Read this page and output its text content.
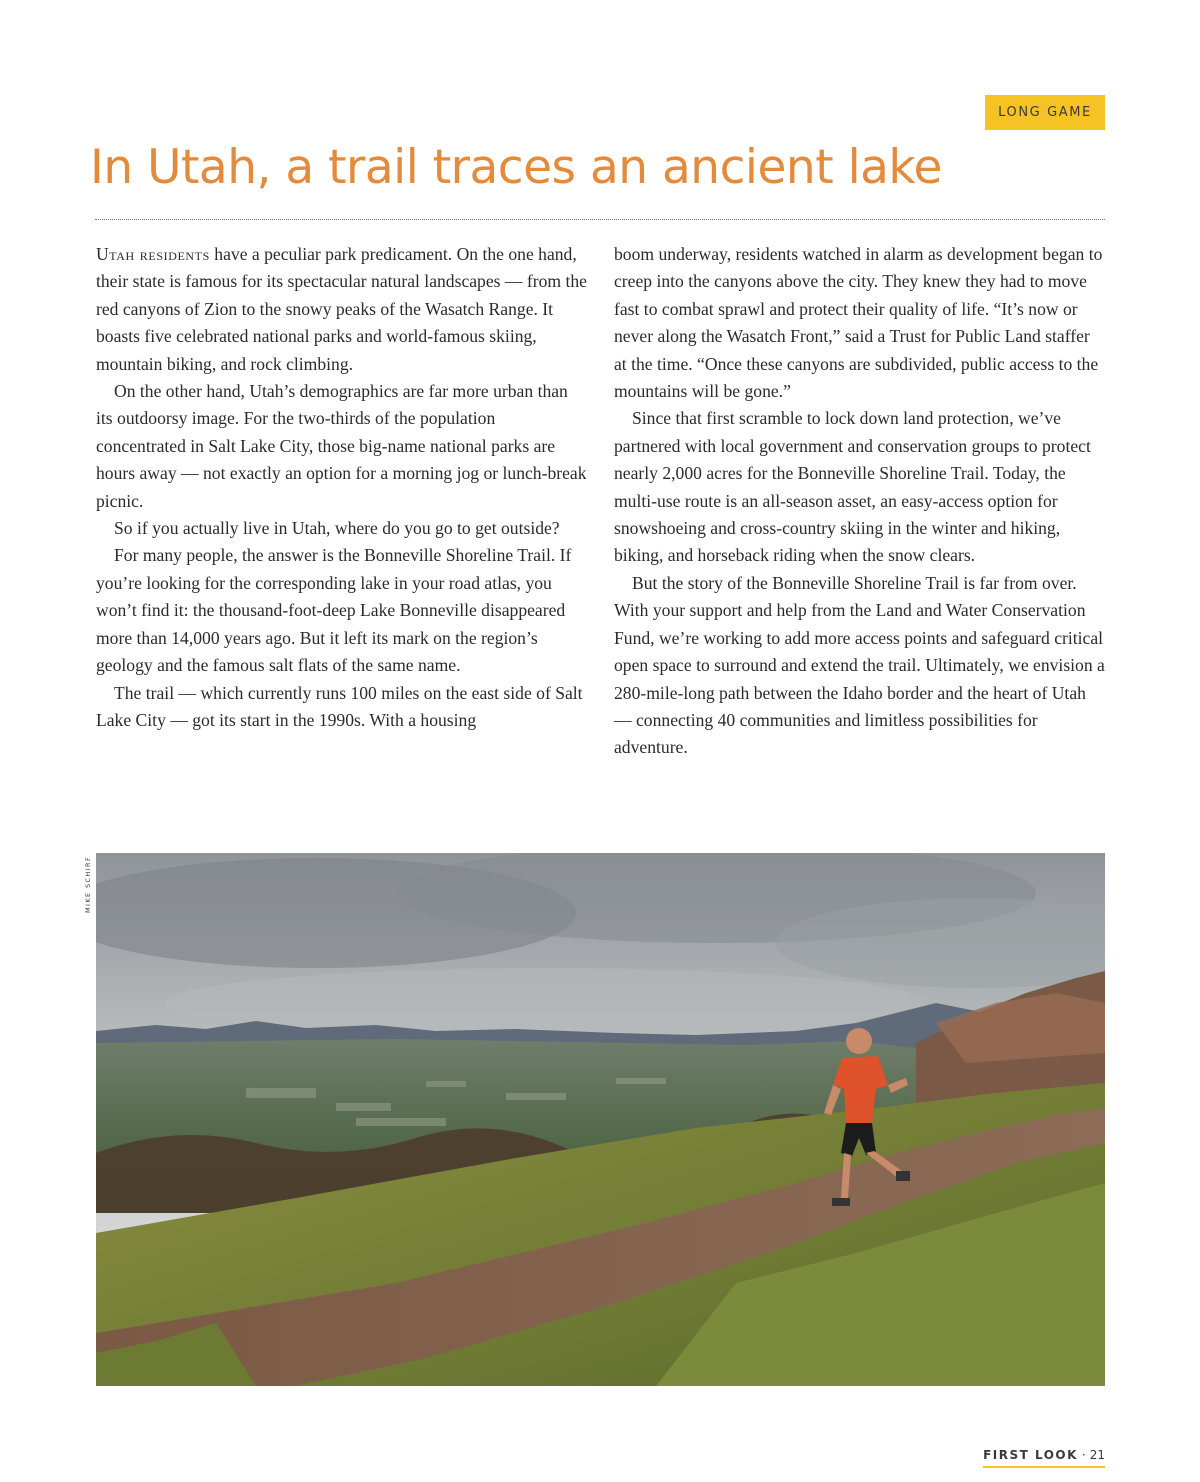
LONG GAME
In Utah, a trail traces an ancient lake

Utah residents have a peculiar park predicament. On the one hand, their state is famous for its spectacular natural landscapes — from the red canyons of Zion to the snowy peaks of the Wasatch Range. It boasts five celebrated national parks and world-famous skiing, mountain biking, and rock climbing.

On the other hand, Utah’s demographics are far more urban than its outdoorsy image. For the two-thirds of the population concentrated in Salt Lake City, those big-name national parks are hours away — not exactly an option for a morning jog or lunch-break picnic.

So if you actually live in Utah, where do you go to get outside?

For many people, the answer is the Bonneville Shoreline Trail. If you’re looking for the corresponding lake in your road atlas, you won’t find it: the thousand-foot-deep Lake Bonneville disappeared more than 14,000 years ago. But it left its mark on the region’s geology and the famous salt flats of the same name.

The trail — which currently runs 100 miles on the east side of Salt Lake City — got its start in the 1990s. With a housing

boom underway, residents watched in alarm as development began to creep into the canyons above the city. They knew they had to move fast to combat sprawl and protect their quality of life. “It’s now or never along the Wasatch Front,” said a Trust for Public Land staffer at the time. “Once these canyons are subdivided, public access to the mountains will be gone.”

Since that first scramble to lock down land protection, we’ve partnered with local government and conservation groups to protect nearly 2,000 acres for the Bonneville Shoreline Trail. Today, the multi-use route is an all-season asset, an easy-access option for snowshoeing and cross-country skiing in the winter and hiking, biking, and horseback riding when the snow clears.

But the story of the Bonneville Shoreline Trail is far from over. With your support and help from the Land and Water Conservation Fund, we’re working to add more access points and safeguard critical open space to surround and extend the trail. Ultimately, we envision a 280-mile-long path between the Idaho border and the heart of Utah — connecting 40 communities and limitless possibilities for adventure.

MIKE SCHIRF
FIRST LOOK · 21
